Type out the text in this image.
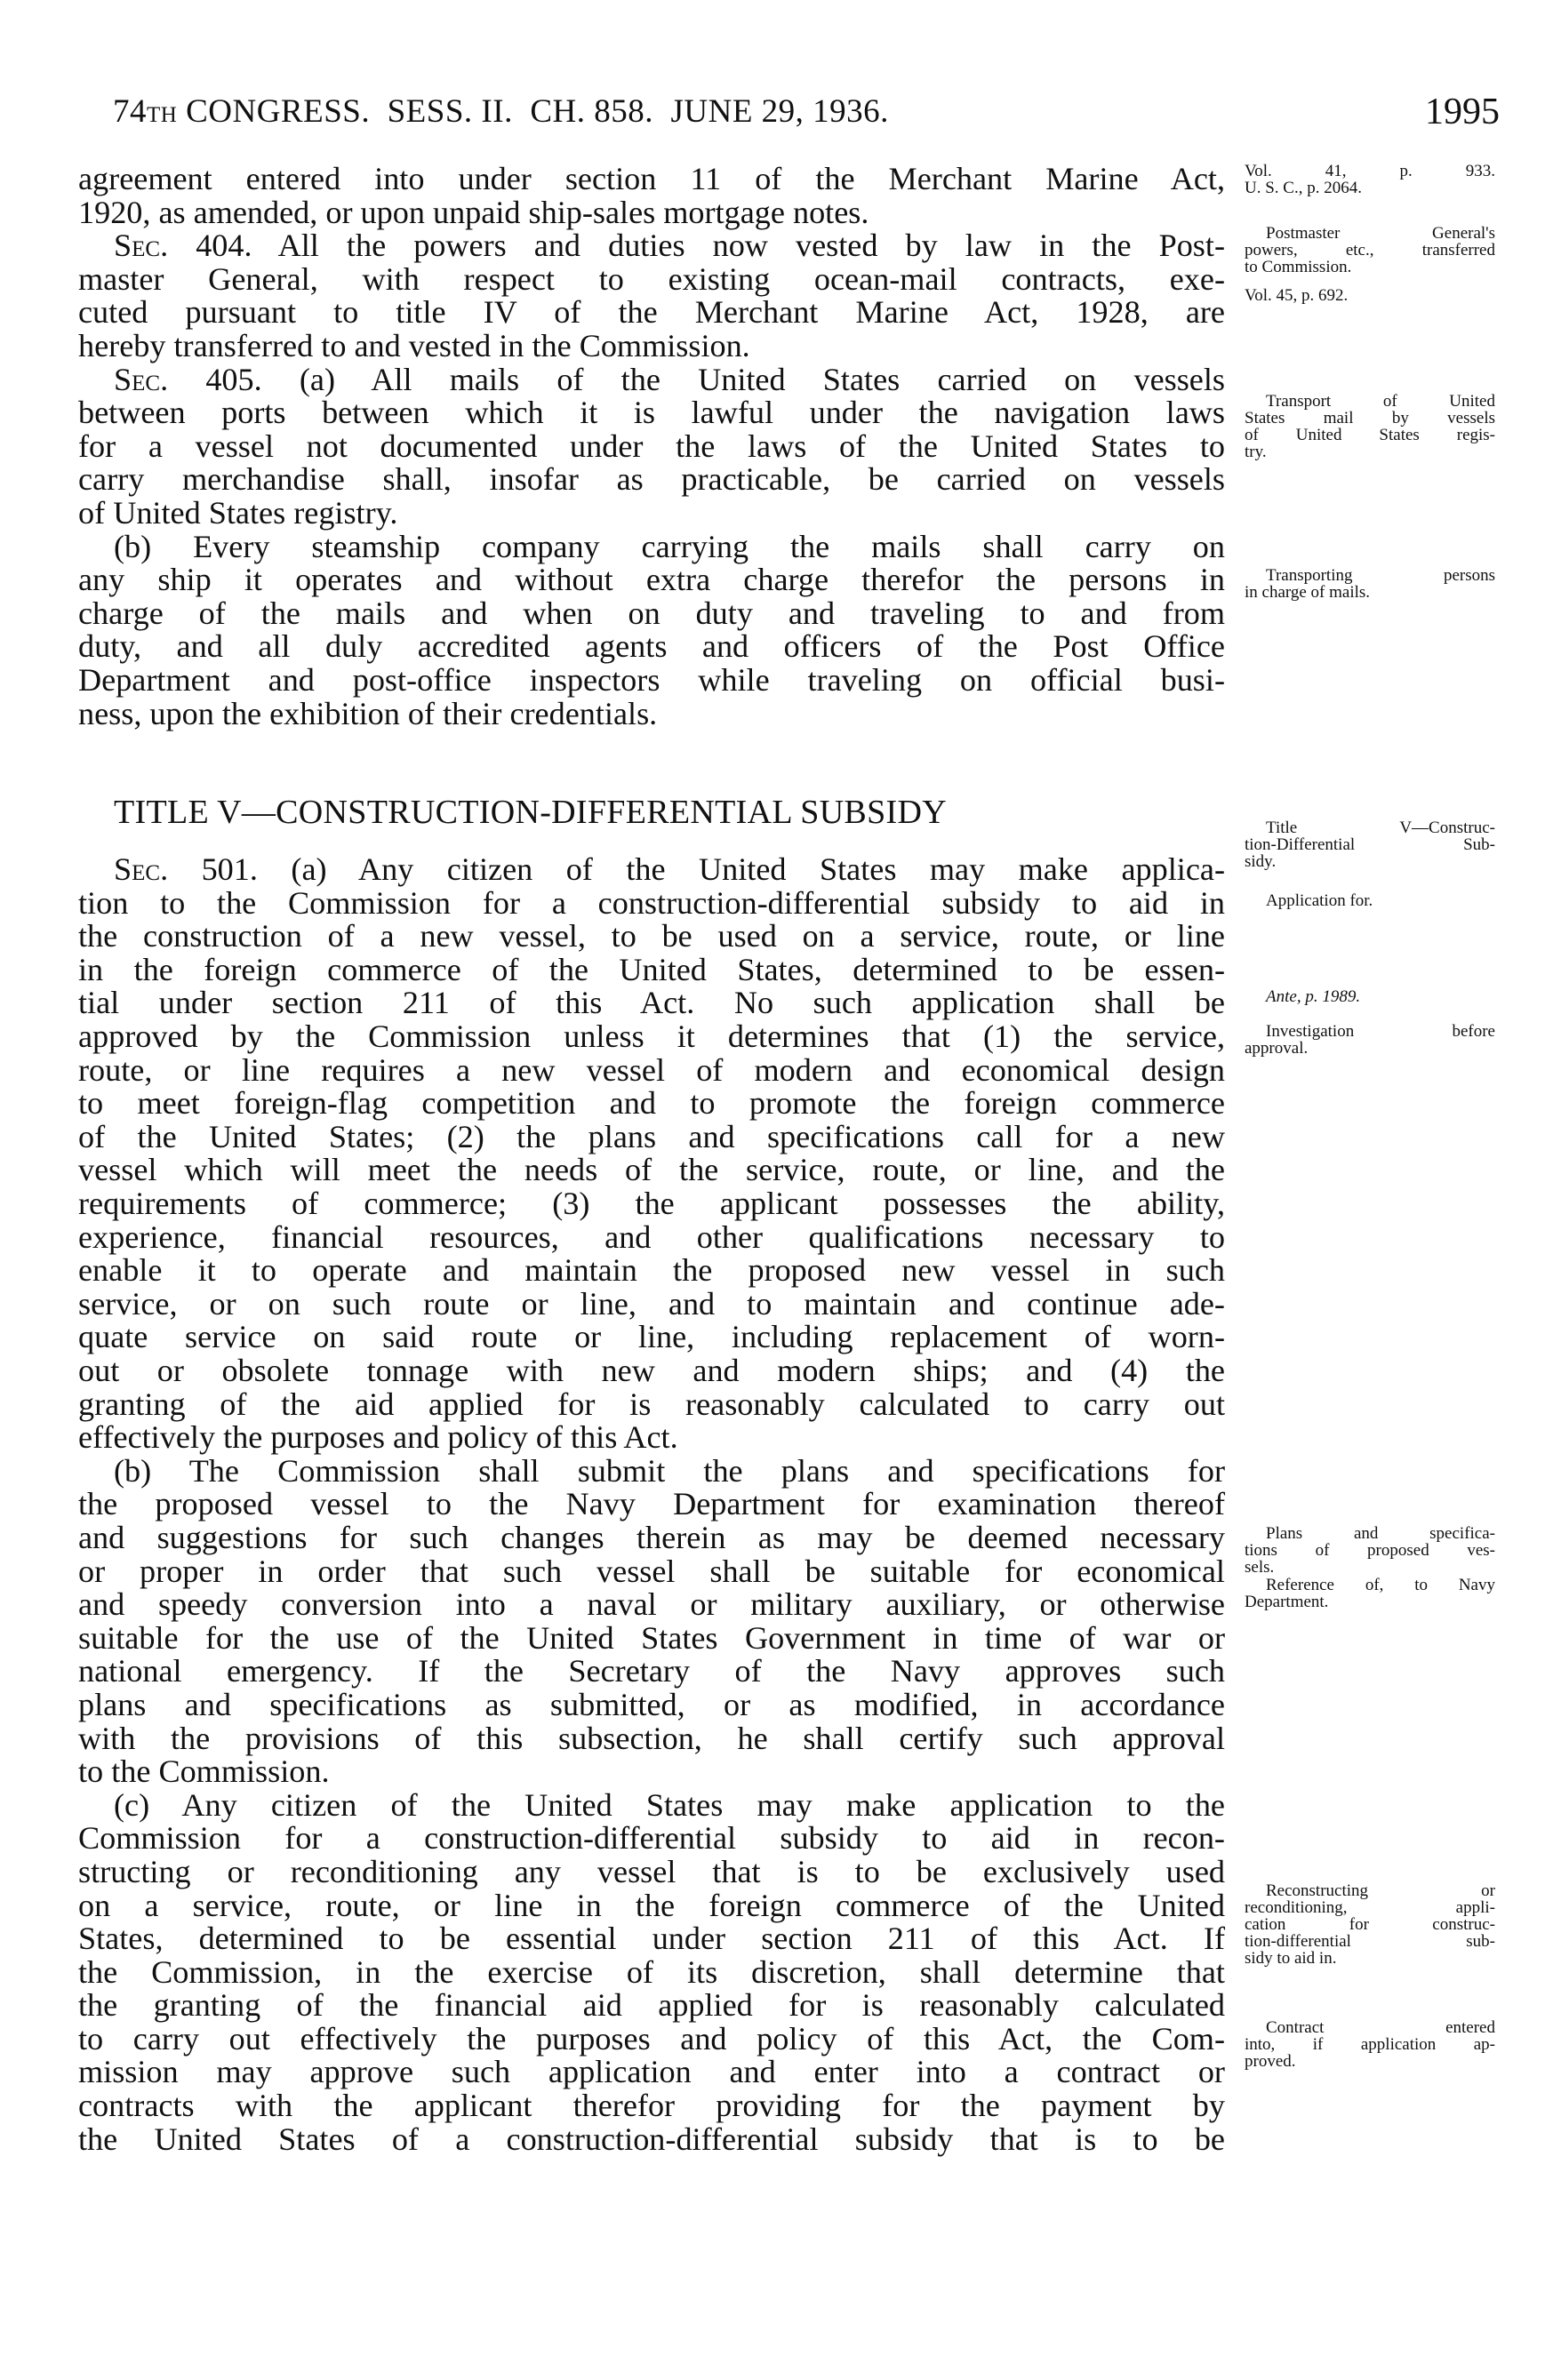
74TH CONGRESS.  SESS. II.  CH. 858.  JUNE 29, 1936.	1995
agreement entered into under section 11 of the Merchant Marine Act,
1920, as amended, or upon unpaid ship-sales mortgage notes.
Sec. 404. All the powers and duties now vested by law in the Post-
master General, with respect to existing ocean-mail contracts, exe-
cuted pursuant to title IV of the Merchant Marine Act, 1928, are
hereby transferred to and vested in the Commission.
Sec. 405. (a) All mails of the United States carried on vessels
between ports between which it is lawful under the navigation laws
for a vessel not documented under the laws of the United States to
carry merchandise shall, insofar as practicable, be carried on vessels
of United States registry.
(b) Every steamship company carrying the mails shall carry on
any ship it operates and without extra charge therefor the persons in
charge of the mails and when on duty and traveling to and from
duty, and all duly accredited agents and officers of the Post Office
Department and post-office inspectors while traveling on official busi-
ness, upon the exhibition of their credentials.
TITLE V—CONSTRUCTION-DIFFERENTIAL SUBSIDY
Sec. 501. (a) Any citizen of the United States may make applica-
tion to the Commission for a construction-differential subsidy to aid in
the construction of a new vessel, to be used on a service, route, or line
in the foreign commerce of the United States, determined to be essen-
tial under section 211 of this Act. No such application shall be
approved by the Commission unless it determines that (1) the service,
route, or line requires a new vessel of modern and economical design
to meet foreign-flag competition and to promote the foreign commerce
of the United States; (2) the plans and specifications call for a new
vessel which will meet the needs of the service, route, or line, and the
requirements of commerce; (3) the applicant possesses the ability,
experience, financial resources, and other qualifications necessary to
enable it to operate and maintain the proposed new vessel in such
service, or on such route or line, and to maintain and continue ade-
quate service on said route or line, including replacement of worn-
out or obsolete tonnage with new and modern ships; and (4) the
granting of the aid applied for is reasonably calculated to carry out
effectively the purposes and policy of this Act.
(b) The Commission shall submit the plans and specifications for
the proposed vessel to the Navy Department for examination thereof
and suggestions for such changes therein as may be deemed necessary
or proper in order that such vessel shall be suitable for economical
and speedy conversion into a naval or military auxiliary, or otherwise
suitable for the use of the United States Government in time of war or
national emergency. If the Secretary of the Navy approves such
plans and specifications as submitted, or as modified, in accordance
with the provisions of this subsection, he shall certify such approval
to the Commission.
(c) Any citizen of the United States may make application to the
Commission for a construction-differential subsidy to aid in recon-
structing or reconditioning any vessel that is to be exclusively used
on a service, route, or line in the foreign commerce of the United
States, determined to be essential under section 211 of this Act. If
the Commission, in the exercise of its discretion, shall determine that
the granting of the financial aid applied for is reasonably calculated
to carry out effectively the purposes and policy of this Act, the Com-
mission may approve such application and enter into a contract or
contracts with the applicant therefor providing for the payment by
the United States of a construction-differential subsidy that is to be
Vol. 41, p. 933.
U. S. C., p. 2064.
Postmaster General's
powers, etc., transferred
to Commission.
Vol. 45, p. 692.
Transport of United
States mail by vessels
of United States regis-
try.
Transporting persons
in charge of mails.
Title V—Construc-
tion-Differential Sub-
sidy.
Application for.
Ante, p. 1989.
Investigation before
approval.
Plans and specifica-
tions of proposed ves-
sels.
Reference of, to Navy
Department.
Reconstructing or
reconditioning, appli-
cation for construc-
tion-differential sub-
sidy to aid in.
Contract entered
into, if application ap-
proved.
